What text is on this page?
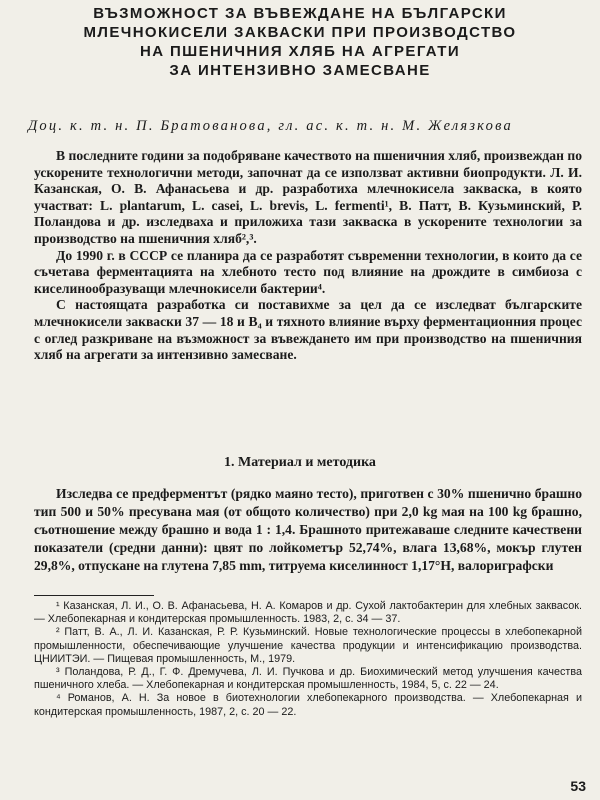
ВЪЗМОЖНОСТ ЗА ВЪВЕЖДАНЕ НА БЪЛГАРСКИ
МЛЕЧНОКИСЕЛИ ЗАКВАСКИ ПРИ ПРОИЗВОДСТВО
НА ПШЕНИЧНИЯ ХЛЯБ НА АГРЕГАТИ
ЗА ИНТЕНЗИВНО ЗАМЕСВАНЕ
Доц. к. т. н. П. Братованова, гл. ас. к. т. н. М. Желязкова

В последните години за подобряване качеството на пшеничния хляб, произвеждан по ускорените технологични методи, започнат да се използват активни биопродукти. Л. И. Казанская, О. В. Афанасьева и др. разработиха млечнокисела закваска, в която участват: L. plantarum, L. casei, L. brevis, L. fermenti¹, В. Патт, В. Кузьминский, Р. Поландова и др. изследваха и приложиха тази закваска в ускорените технологии за производство на пшеничния хляб²,³.

До 1990 г. в СССР се планира да се разработят съвременни технологии, в които да се съчетава ферментацията на хлебното тесто под влияние на дрождите в симбиоза с киселинообразуващи млечнокисели бактерии⁴.

С настоящата разработка си поставихме за цел да се изследват българските млечнокисели закваски 37 — 18 и В₄ и тяхното влияние върху ферментационния процес с оглед разкриване на възможност за въвеждането им при производство на пшеничния хляб на агрегати за интензивно замесване.

1. Материал и методика

Изследва се предферментът (рядко маяно тесто), приготвен с 30% пшенично брашно тип 500 и 50% пресувана мая (от общото количество) при 2,0 kg мая на 100 kg брашно, съотношение между брашно и вода 1 : 1,4. Брашното притежаваше следните качествени показатели (средни данни): цвят по лойкометър 52,74%, влага 13,68%, мокър глутен 29,8%, отпускане на глутена 7,85 mm, титруема киселинност 1,17°Н, валориграфски

¹ Казанская, Л. И., О. В. Афанасьева, Н. А. Комаров и др. Сухой лактобактерин для хлебных заквасок. — Хлебопекарная и кондитерская промышленность. 1983, 2, с. 34 — 37.

² Патт, В. А., Л. И. Казанская, Р. Р. Кузьминский. Новые технологические процессы в хлебопекарной промышленности, обеспечивающие улучшение качества продукции и интенсификацию производства. ЦНИИТЭИ. — Пищевая промышленность, М., 1979.

³ Поландова, Р. Д., Г. Ф. Дремучева, Л. И. Пучкова и др. Биохимический метод улучшения качества пшеничного хлеба. — Хлебопекарная и кондитерская промышленность, 1984, 5, с. 22 — 24.

⁴ Романов, А. Н. За новое в биотехнологии хлебопекарного производства. — Хлебопекарная и кондитерская промышленность, 1987, 2, с. 20 — 22.

53
